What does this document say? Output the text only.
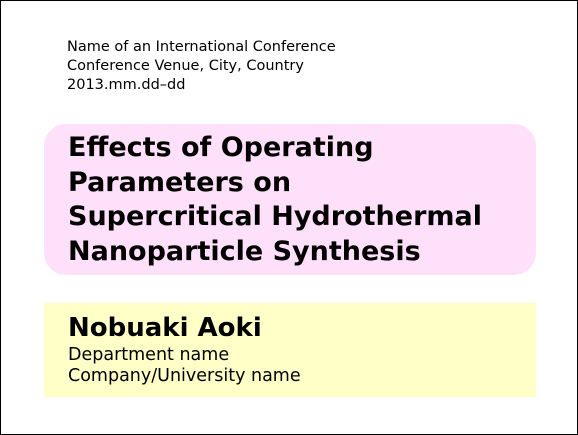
Name of an International Conference
Conference Venue, City, Country
2013.mm.dd–dd
Effects of Operating
Parameters on
Supercritical Hydrothermal
Nanoparticle Synthesis
Nobuaki Aoki
Department name
Company/University name
